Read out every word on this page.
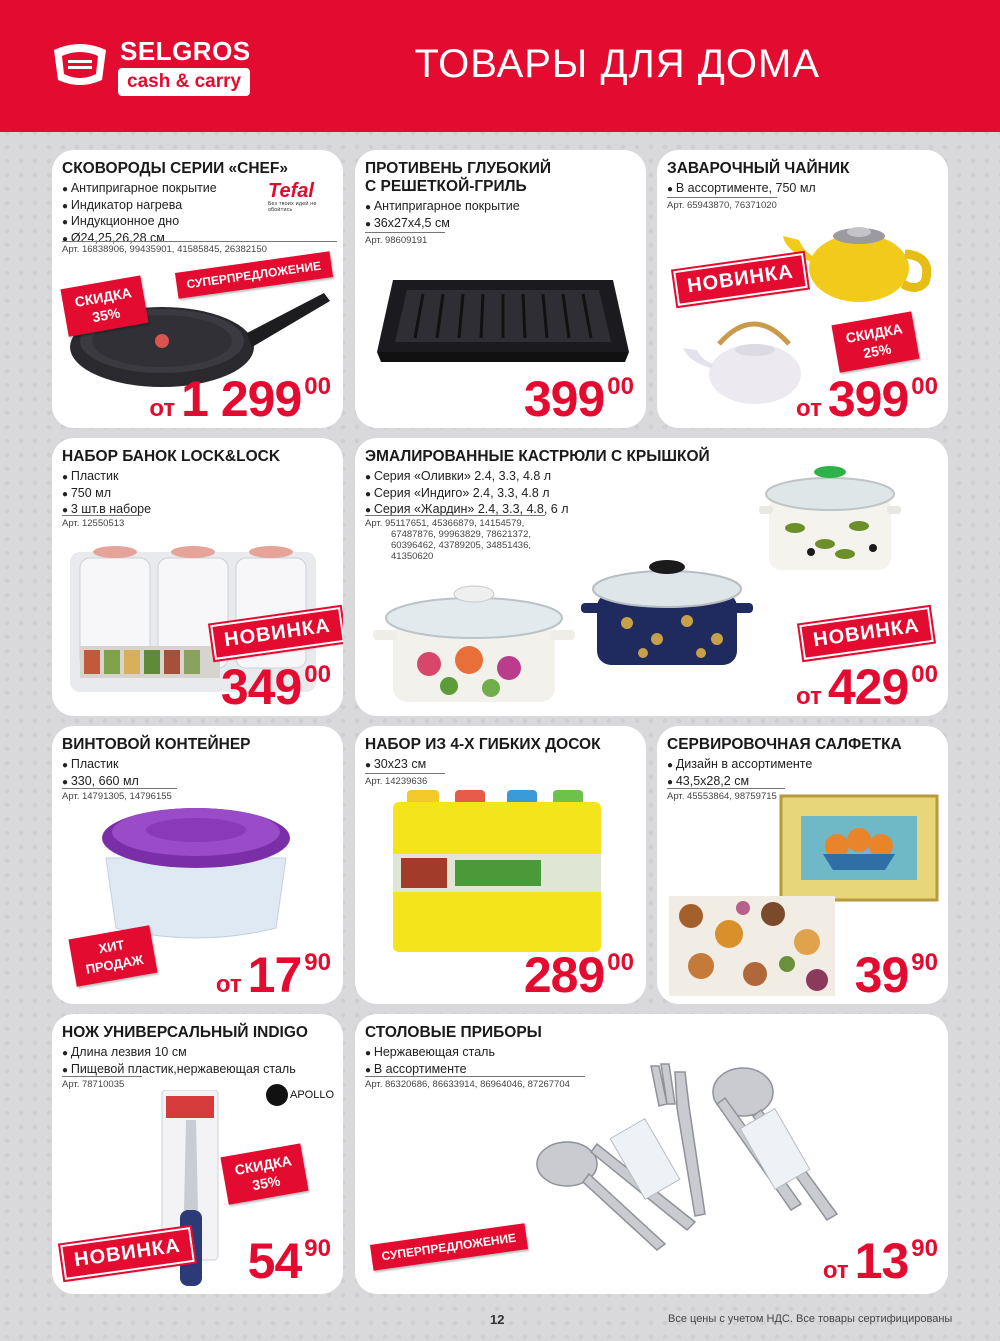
SELGROS
cash & carry	ТОВАРЫ ДЛЯ ДОМА
СКОВОРОДЫ СЕРИИ «CHEF»
● Антипригарное покрытие
● Индикатор нагрева
● Индукционное дно
● Ø24,25,26,28 см
Tefal
Без твоих идей не обойтись
Арт. 16838906, 99435901, 41585845, 26382150
СУПЕРПРЕДЛОЖЕНИЕ
СКИДКА
35%
от 1 299 00
ПРОТИВЕНЬ ГЛУБОКИЙ
С РЕШЕТКОЙ-ГРИЛЬ
● Антипригарное покрытие
● 36х27х4,5 см
Арт. 98609191
399 00
ЗАВАРОЧНЫЙ ЧАЙНИК
● В ассортименте, 750 мл
Арт. 65943870, 76371020
НОВИНКА
СКИДКА
25%
от 399 00
НАБОР БАНОК LOCK&LOCK
● Пластик
● 750 мл
● 3 шт.в наборе
Арт. 12550513
НОВИНКА
349 00
ЭМАЛИРОВАННЫЕ КАСТРЮЛИ С КРЫШКОЙ
● Серия «Оливки» 2.4, 3.3, 4.8 л
● Серия «Индиго» 2.4, 3.3, 4.8 л
● Серия «Жардин» 2.4, 3.3, 4.8, 6 л
Арт. 95117651, 45366879, 14154579,
67487876, 99963829, 78621372,
60396462, 43789205, 34851436,
41350620
НОВИНКА
от 429 00
ВИНТОВОЙ КОНТЕЙНЕР
● Пластик
● 330, 660 мл
Арт. 14791305, 14796155
ХИТ
ПРОДАЖ
от 17 90
НАБОР ИЗ 4-Х ГИБКИХ ДОСОК
● 30х23 см
Арт. 14239636
289 00
СЕРВИРОВОЧНАЯ САЛФЕТКА
● Дизайн в ассортименте
● 43,5х28,2 см
Арт. 45553864, 98759715
39 90
НОЖ УНИВЕРСАЛЬНЫЙ INDIGO
● Длина лезвия 10 см
● Пищевой пластик,нержавеющая сталь
Арт. 78710035
APOLLO
СКИДКА
35%
НОВИНКА 54 90
СТОЛОВЫЕ ПРИБОРЫ
● Нержавеющая сталь
● В ассортименте
Арт. 86320686, 86633914, 86964046, 87267704
СУПЕРПРЕДЛОЖЕНИЕ
от 13 90
12	Все цены с учетом НДС. Все товары сертифицированы
